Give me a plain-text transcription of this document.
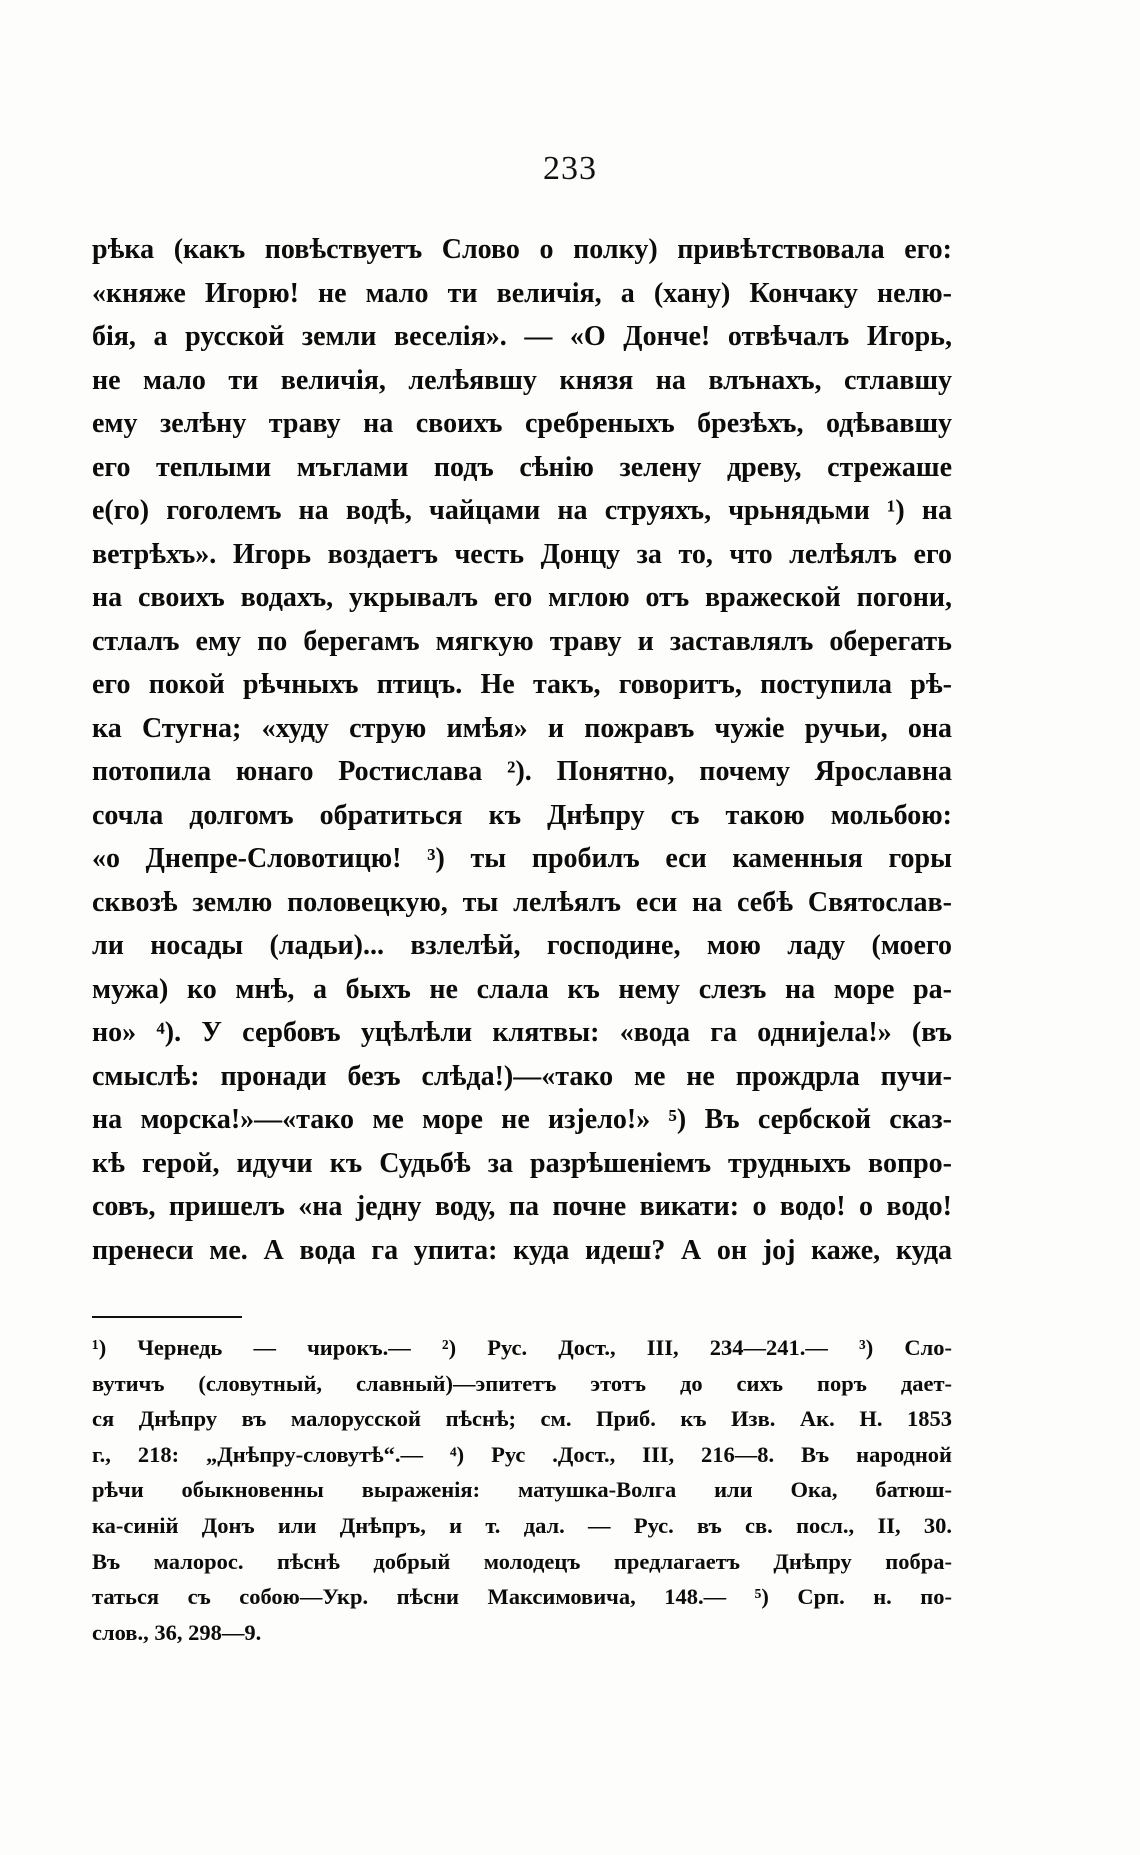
233
рѣка (какъ повѣствуетъ Слово о полку) привѣтствовала его:
«княже Игорю! не мало ти величія, а (хану) Кончаку нелю-
бія, а русской земли веселія». — «О Донче! отвѣчалъ Игорь,
не мало ти величія, лелѣявшу князя на влънахъ, стлавшу
ему зелѣну траву на своихъ сребреныхъ брезѣхъ, одѣвавшу
его теплыми мъглами подъ сѣнію зелену древу, стрежаше
е(го) гоголемъ на водѣ, чайцами на струяхъ, чрьнядьми ¹) на
ветрѣхъ». Игорь воздаетъ честь Донцу за то, что лелѣялъ его
на своихъ водахъ, укрывалъ его мглою отъ вражеской погони,
стлалъ ему по берегамъ мягкую траву и заставлялъ оберегать
его покой рѣчныхъ птицъ. Не такъ, говоритъ, поступила рѣ-
ка Стугна; «худу струю имѣя» и пожравъ чужіе ручьи, она
потопила юнаго Ростислава ²). Понятно, почему Ярославна
сочла долгомъ обратиться къ Днѣпру съ такою мольбою:
«о Днепре-Словотицю! ³) ты пробилъ еси каменныя горы
сквозѣ землю половецкую, ты лелѣялъ еси на себѣ Святослав-
ли носады (ладьи)... взлелѣй, господине, мою ладу (моего
мужа) ко мнѣ, а быхъ не слала къ нему слезъ на море ра-
но» ⁴). У сербовъ уцѣлѣли клятвы: «вода га однијела!» (въ
смыслѣ: пронади безъ слѣда!)—«тако ме не прождрла пучи-
на морска!»—«тако ме море не изјело!» ⁵) Въ сербской сказ-
кѣ герой, идучи къ Судьбѣ за разрѣшеніемъ трудныхъ вопро-
совъ, пришелъ «на једну воду, па почне викати: о водо! о водо!
пренеси ме. А вода га упита: куда идеш? А он јој каже, куда
¹) Чернедь — чирокъ.— ²) Рус. Дост., III, 234—241.— ³) Сло-
вутичъ (словутный, славный)—эпитетъ этотъ до сихъ поръ дает-
ся Днѣпру въ малорусской пѣснѣ; см. Приб. къ Изв. Ак. Н. 1853
г., 218: „Днѣпру-словутѣ“.— ⁴) Рус .Дост., III, 216—8. Въ народной
рѣчи обыкновенны выраженія: матушка-Волга или Ока, батюш-
ка-синій Донъ или Днѣпръ, и т. дал. — Рус. въ св. посл., II, 30.
Въ малорос. пѣснѣ добрый молодецъ предлагаетъ Днѣпру побра-
таться съ собою—Укр. пѣсни Максимовича, 148.— ⁵) Срп. н. по-
слов., 36, 298—9.
